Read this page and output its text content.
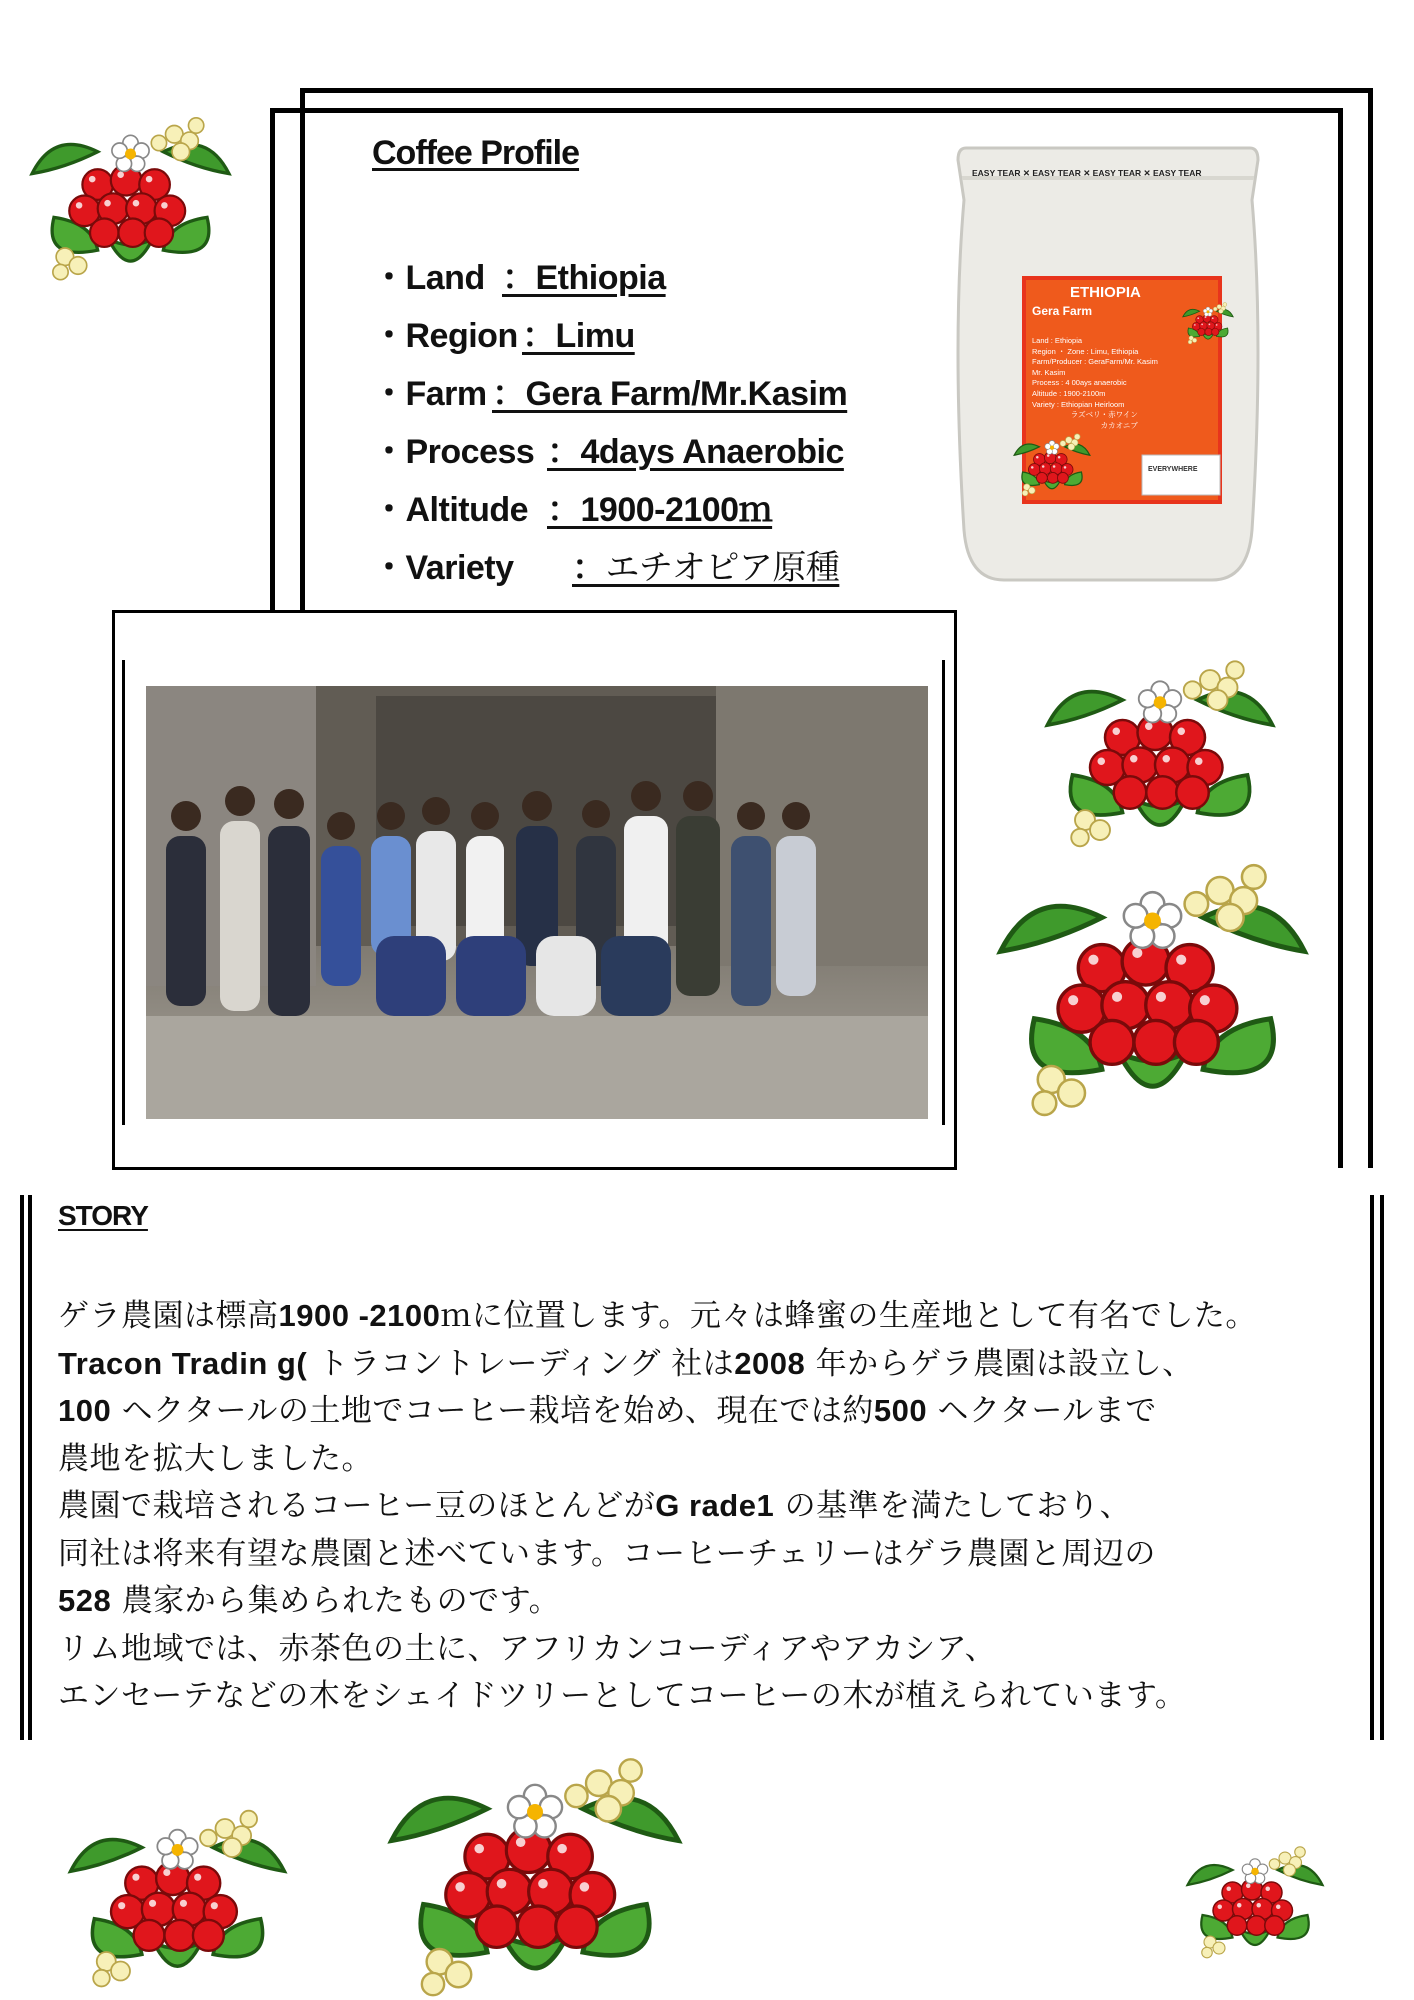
Coffee Profile
・Land ：Ethiopia
・Region ：Limu
・Farm ：Gera Farm/Mr.Kasim
・Process ：4days Anaerobic
・Altitude ：1900-2100ｍ
・Variety ：エチオピア原種
EASY TEAR ✕ EASY TEAR ✕ EASY TEAR ✕ EASY TEAR
ETHIOPIA
Gera Farm
Land : Ethiopia
Region ・ Zone : Limu, Ethiopia
Farm/Producer : GeraFarm/Mr. Kasim
Mr. Kasim
Process : 4 00ays anaerobic
Altitude : 1900-2100m
Variety : Ethiopian Heirloom
ラズベリ・赤ワイン
カカオニブ
EVERYWHERE
STORY
ゲラ農園は標高1900 -2100ｍに位置します。元々は蜂蜜の生産地として有名でした。
Tracon Tradin g( トラコントレーディング 社は2008 年からゲラ農園は設立し、
100 ヘクタールの土地でコーヒー栽培を始め、現在では約500 ヘクタールまで
農地を拡大しました。
農園で栽培されるコーヒー豆のほとんどがG rade1 の基準を満たしており、
同社は将来有望な農園と述べています。コーヒーチェリーはゲラ農園と周辺の
528 農家から集められたものです。
リム地域では、赤茶色の土に、アフリカンコーディアやアカシア、
エンセーテなどの木をシェイドツリーとしてコーヒーの木が植えられています。
